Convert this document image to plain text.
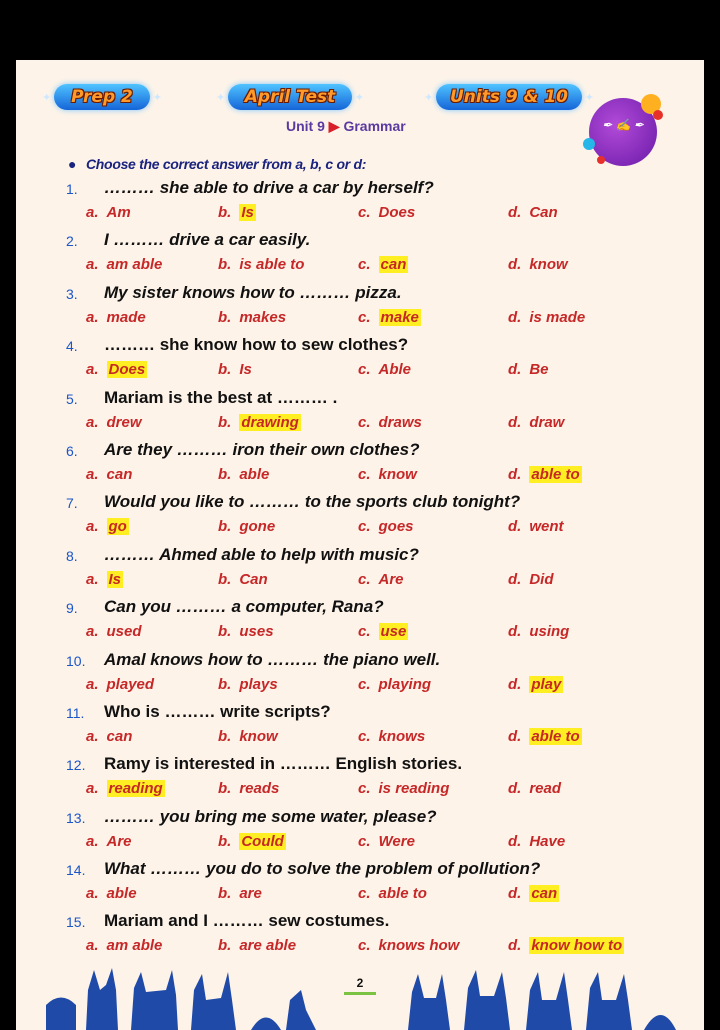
✦ Prep 2
✦	✦ April Test
✦	✦ Units 9 & 10
✦
Unit 9 ▶ Grammar	✒︎ ✍ ✒︎
● Choose the correct answer from a, b, c or d:
1. ……… she able to drive a car by herself?
a. Am	b. Is	c. Does	d. Can
2. I ……… drive a car easily.
a. am able	b. is able to	c. can	d. know
3. My sister knows how to ……… pizza.
a. made	b. makes	c. make	d. is made
4. ……… she know how to sew clothes?
a. Does	b. Is	c. Able	d. Be
5. Mariam is the best at ……… .
a. drew	b. drawing	c. draws	d. draw
6. Are they ……… iron their own clothes?
a. can	b. able	c. know	d. able to
7. Would you like to ……… to the sports club tonight?
a. go	b. gone	c. goes	d. went
8. ……… Ahmed able to help with music?
a. Is	b. Can	c. Are	d. Did
9. Can you ……… a computer, Rana?
a. used	b. uses	c. use	d. using
10. Amal knows how to ……… the piano well.
a. played	b. plays	c. playing	d. play
11. Who is ……… write scripts?
a. can	b. know	c. knows	d. able to
12. Ramy is interested in ……… English stories.
a. reading	b. reads	c. is reading	d. read
13. ……… you bring me some water, please?
a. Are	b. Could	c. Were	d. Have
14. What ……… you do to solve the problem of pollution?
a. able	b. are	c. able to	d. can
15. Mariam and I ……… sew costumes.
a. am able	b. are able	c. knows how	d. know how to
2
